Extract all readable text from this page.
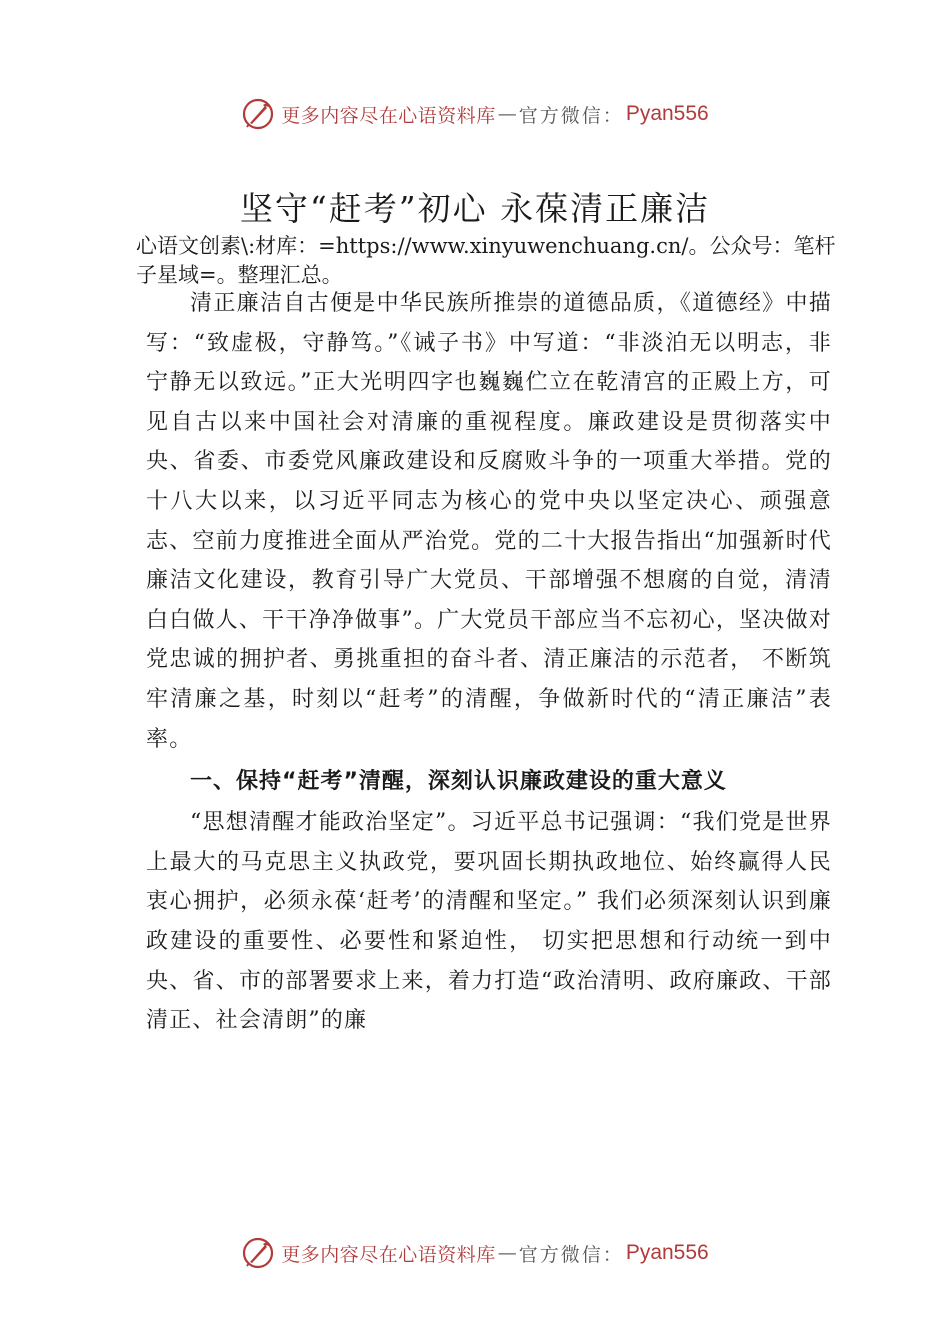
更多内容尽在心语资料库 — 官方微信： Pyan556
坚守“赶考”初心 永葆清正廉洁

心语文创素\:材库：=https://www.xinyuwenchuang.cn/。公众号：笔杆子星域=。整理汇总。

清正廉洁自古便是中华民族所推崇的道德品质，《道德经》中描写：“致虚极，守静笃。”《诫子书》中写道：“非淡泊无以明志，非宁静无以致远。”正大光明四字也巍巍伫立在乾清宫的正殿上方，可见自古以来中国社会对清廉的重视程度。廉政建设是贯彻落实中央、省委、市委党风廉政建设和反腐败斗争的一项重大举措。党的十八大以来，以习近平同志为核心的党中央以坚定决心、顽强意志、空前力度推进全面从严治党。党的二十大报告指出“加强新时代廉洁文化建设，教育引导广大党员、干部增强不想腐的自觉，清清白白做人、干干净净做事”。广大党员干部应当不忘初心，坚决做对党忠诚的拥护者、勇挑重担的奋斗者、清正廉洁的示范者， 不断筑牢清廉之基，时刻以“赶考”的清醒，争做新时代的“清正廉洁”表率。

一、保持“赶考”清醒，深刻认识廉政建设的重大意义

“思想清醒才能政治坚定”。习近平总书记强调：“我们党是世界上最大的马克思主义执政党，要巩固长期执政地位、始终赢得人民衷心拥护，必须永葆‘赶考’的清醒和坚定。” 我们必须深刻认识到廉政建设的重要性、必要性和紧迫性， 切实把思想和行动统一到中央、省、市的部署要求上来，着力打造“政治清明、政府廉政、干部清正、社会清朗”的廉

更多内容尽在心语资料库 — 官方微信： Pyan556
